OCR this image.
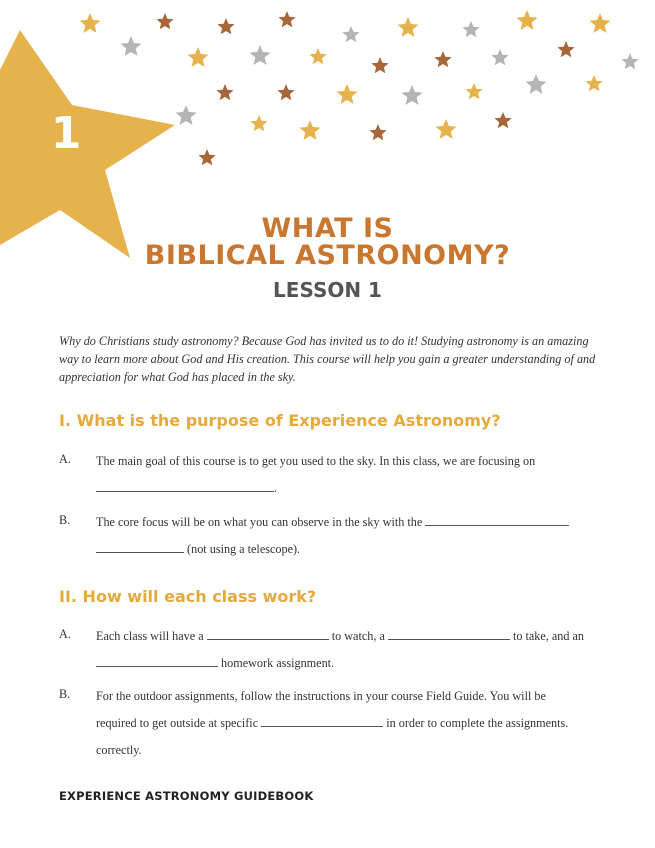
1
WHAT IS
BIBLICAL ASTRONOMY?
LESSON 1
Why do Christians study astronomy? Because God has invited us to do it! Studying astronomy is an amazing way to learn more about God and His creation. This course will help you gain a greater understanding of and appreciation for what God has placed in the sky.
I. What is the purpose of Experience Astronomy?
A. The main goal of this course is to get you used to the sky. In this class, we are focusing on
.
B. The core focus will be on what you can observe in the sky with the
(not using a telescope).
II. How will each class work?
A. Each class will have a	to watch, a	to take, and an
homework assignment.
B. For the outdoor assignments, follow the instructions in your course Field Guide. You will be
required to get outside at specific	in order to complete the assignments.
correctly.
EXPERIENCE ASTRONOMY GUIDEBOOK
